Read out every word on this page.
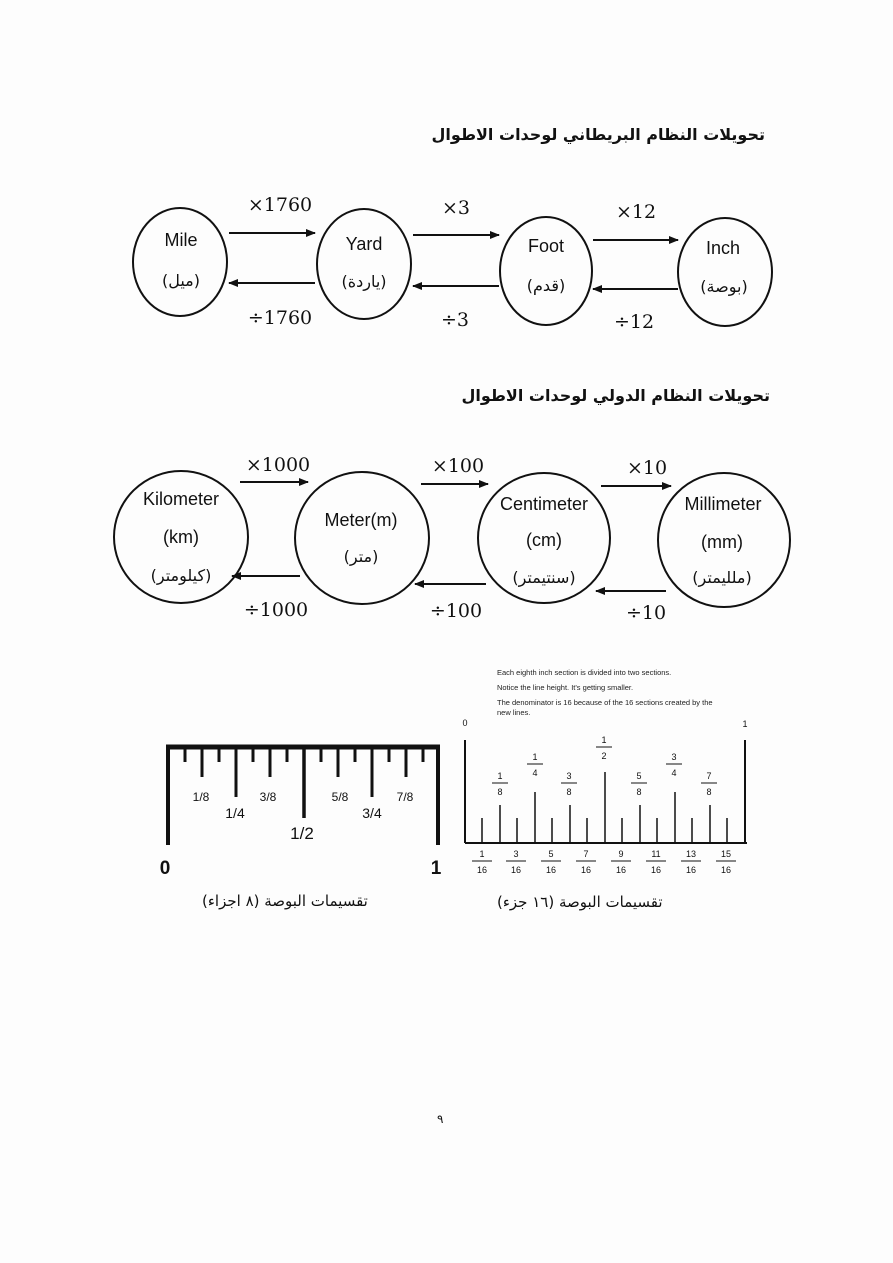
تحويلات النظام البريطاني لوحدات الاطوال
تحويلات النظام الدولي لوحدات الاطوال
Mile
(ميل)
Yard
(ياردة)
Foot
(قدم)
Inch
(بوصة)
×1760	×3	×12
÷1760	÷3	÷12
Kilometer
(km)
(كيلومتر)
Meter(m)
(متر)
Centimeter
(cm)
(سنتيمتر)
Millimeter
(mm)
(ملليمتر)
×1000	×100	×10
÷1000	÷100	÷10
1/8
1/4
3/8
1/2
5/8
3/4
7/8
0	1
0	1
1
8
1
4	3
8
1
2
5
8
3
4	7
8
1
16
3
16
5
16
7
16
9
16
11
16
13
16
15
16
Each eighth inch section is divided into two sections.
Notice the line height. It's getting smaller.
The denominator is 16 because of the 16 sections created by the new lines.
تقسيمات البوصة (٨ اجزاء)	تقسيمات البوصة (١٦ جزء)
٩
